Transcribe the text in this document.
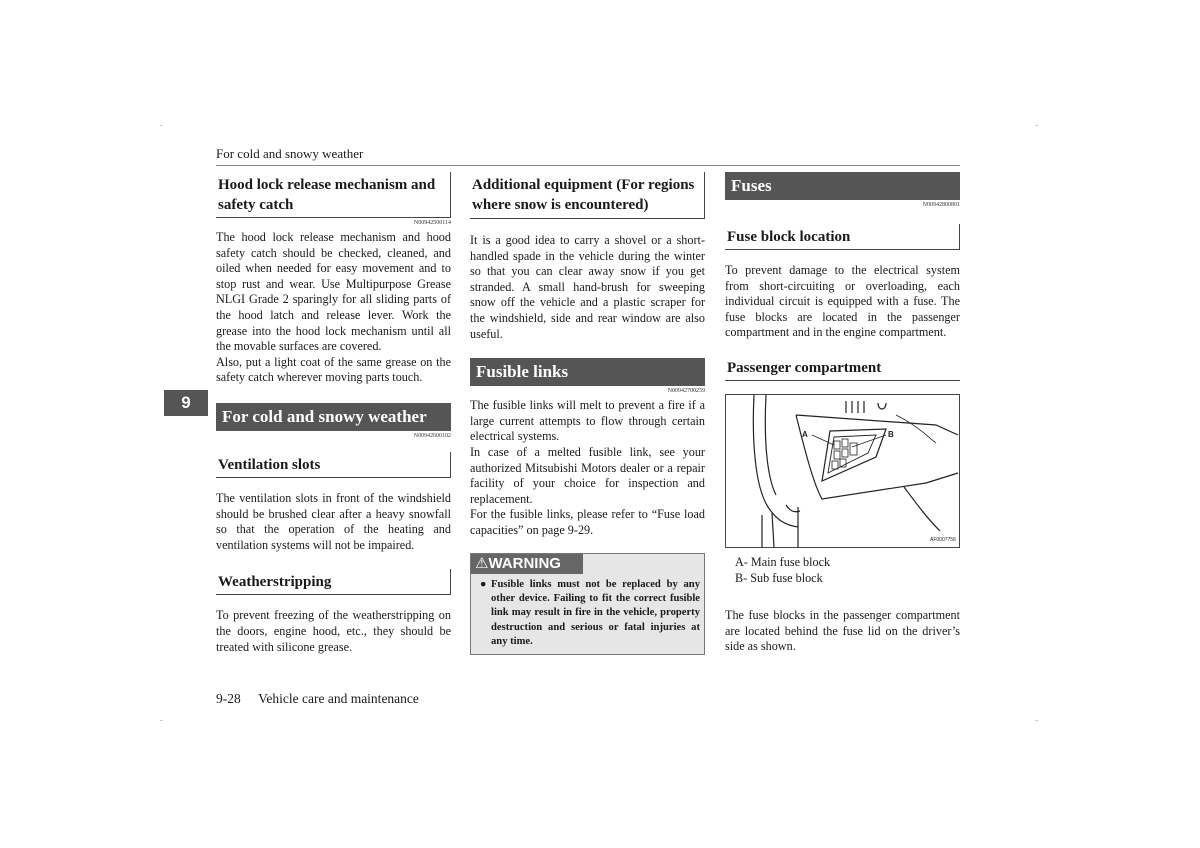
For cold and snowy weather
9
Hood lock release mechanism and safety catch
N00942500114

The hood lock release mechanism and hood safety catch should be checked, cleaned, and oiled when needed for easy movement and to stop rust and wear. Use Multipurpose Grease NLGI Grade 2 sparingly for all sliding parts of the hood latch and release lever. Work the grease into the hood lock mechanism until all the movable surfaces are covered.

Also, put a light coat of the same grease on the safety catch wherever moving parts touch.

For cold and snowy weather
N00942600102
Ventilation slots

The ventilation slots in front of the windshield should be brushed clear after a heavy snowfall so that the operation of the heating and ventilation systems will not be impaired.

Weatherstripping

To prevent freezing of the weatherstripping on the doors, engine hood, etc., they should be treated with silicone grease.

Additional equipment (For regions where snow is encountered)

It is a good idea to carry a shovel or a short-handled spade in the vehicle during the winter so that you can clear away snow if you get stranded. A small hand-brush for sweeping snow off the vehicle and a plastic scraper for the windshield, side and rear window are also useful.

Fusible links
N00942700259

The fusible links will melt to prevent a fire if a large current attempts to flow through certain electrical systems.

In case of a melted fusible link, see your authorized Mitsubishi Motors dealer or a repair facility of your choice for inspection and replacement.

For the fusible links, please refer to “Fuse load capacities” on page 9-29.

⚠WARNING
● Fusible links must not be replaced by any other device. Failing to fit the correct fusible link may result in fire in the vehicle, property destruction and serious or fatal injuries at any time.
Fuses
N00942800801
Fuse block location

To prevent damage to the electrical system from short-circuiting or overloading, each individual circuit is equipped with a fuse. The fuse blocks are located in the passenger compartment and in the engine compartment.

Passenger compartment
A	B
AF0007756
A- Main fuse block
B- Sub fuse block

The fuse blocks in the passenger compartment are located behind the fuse lid on the driver’s side as shown.

9-28 Vehicle care and maintenance
